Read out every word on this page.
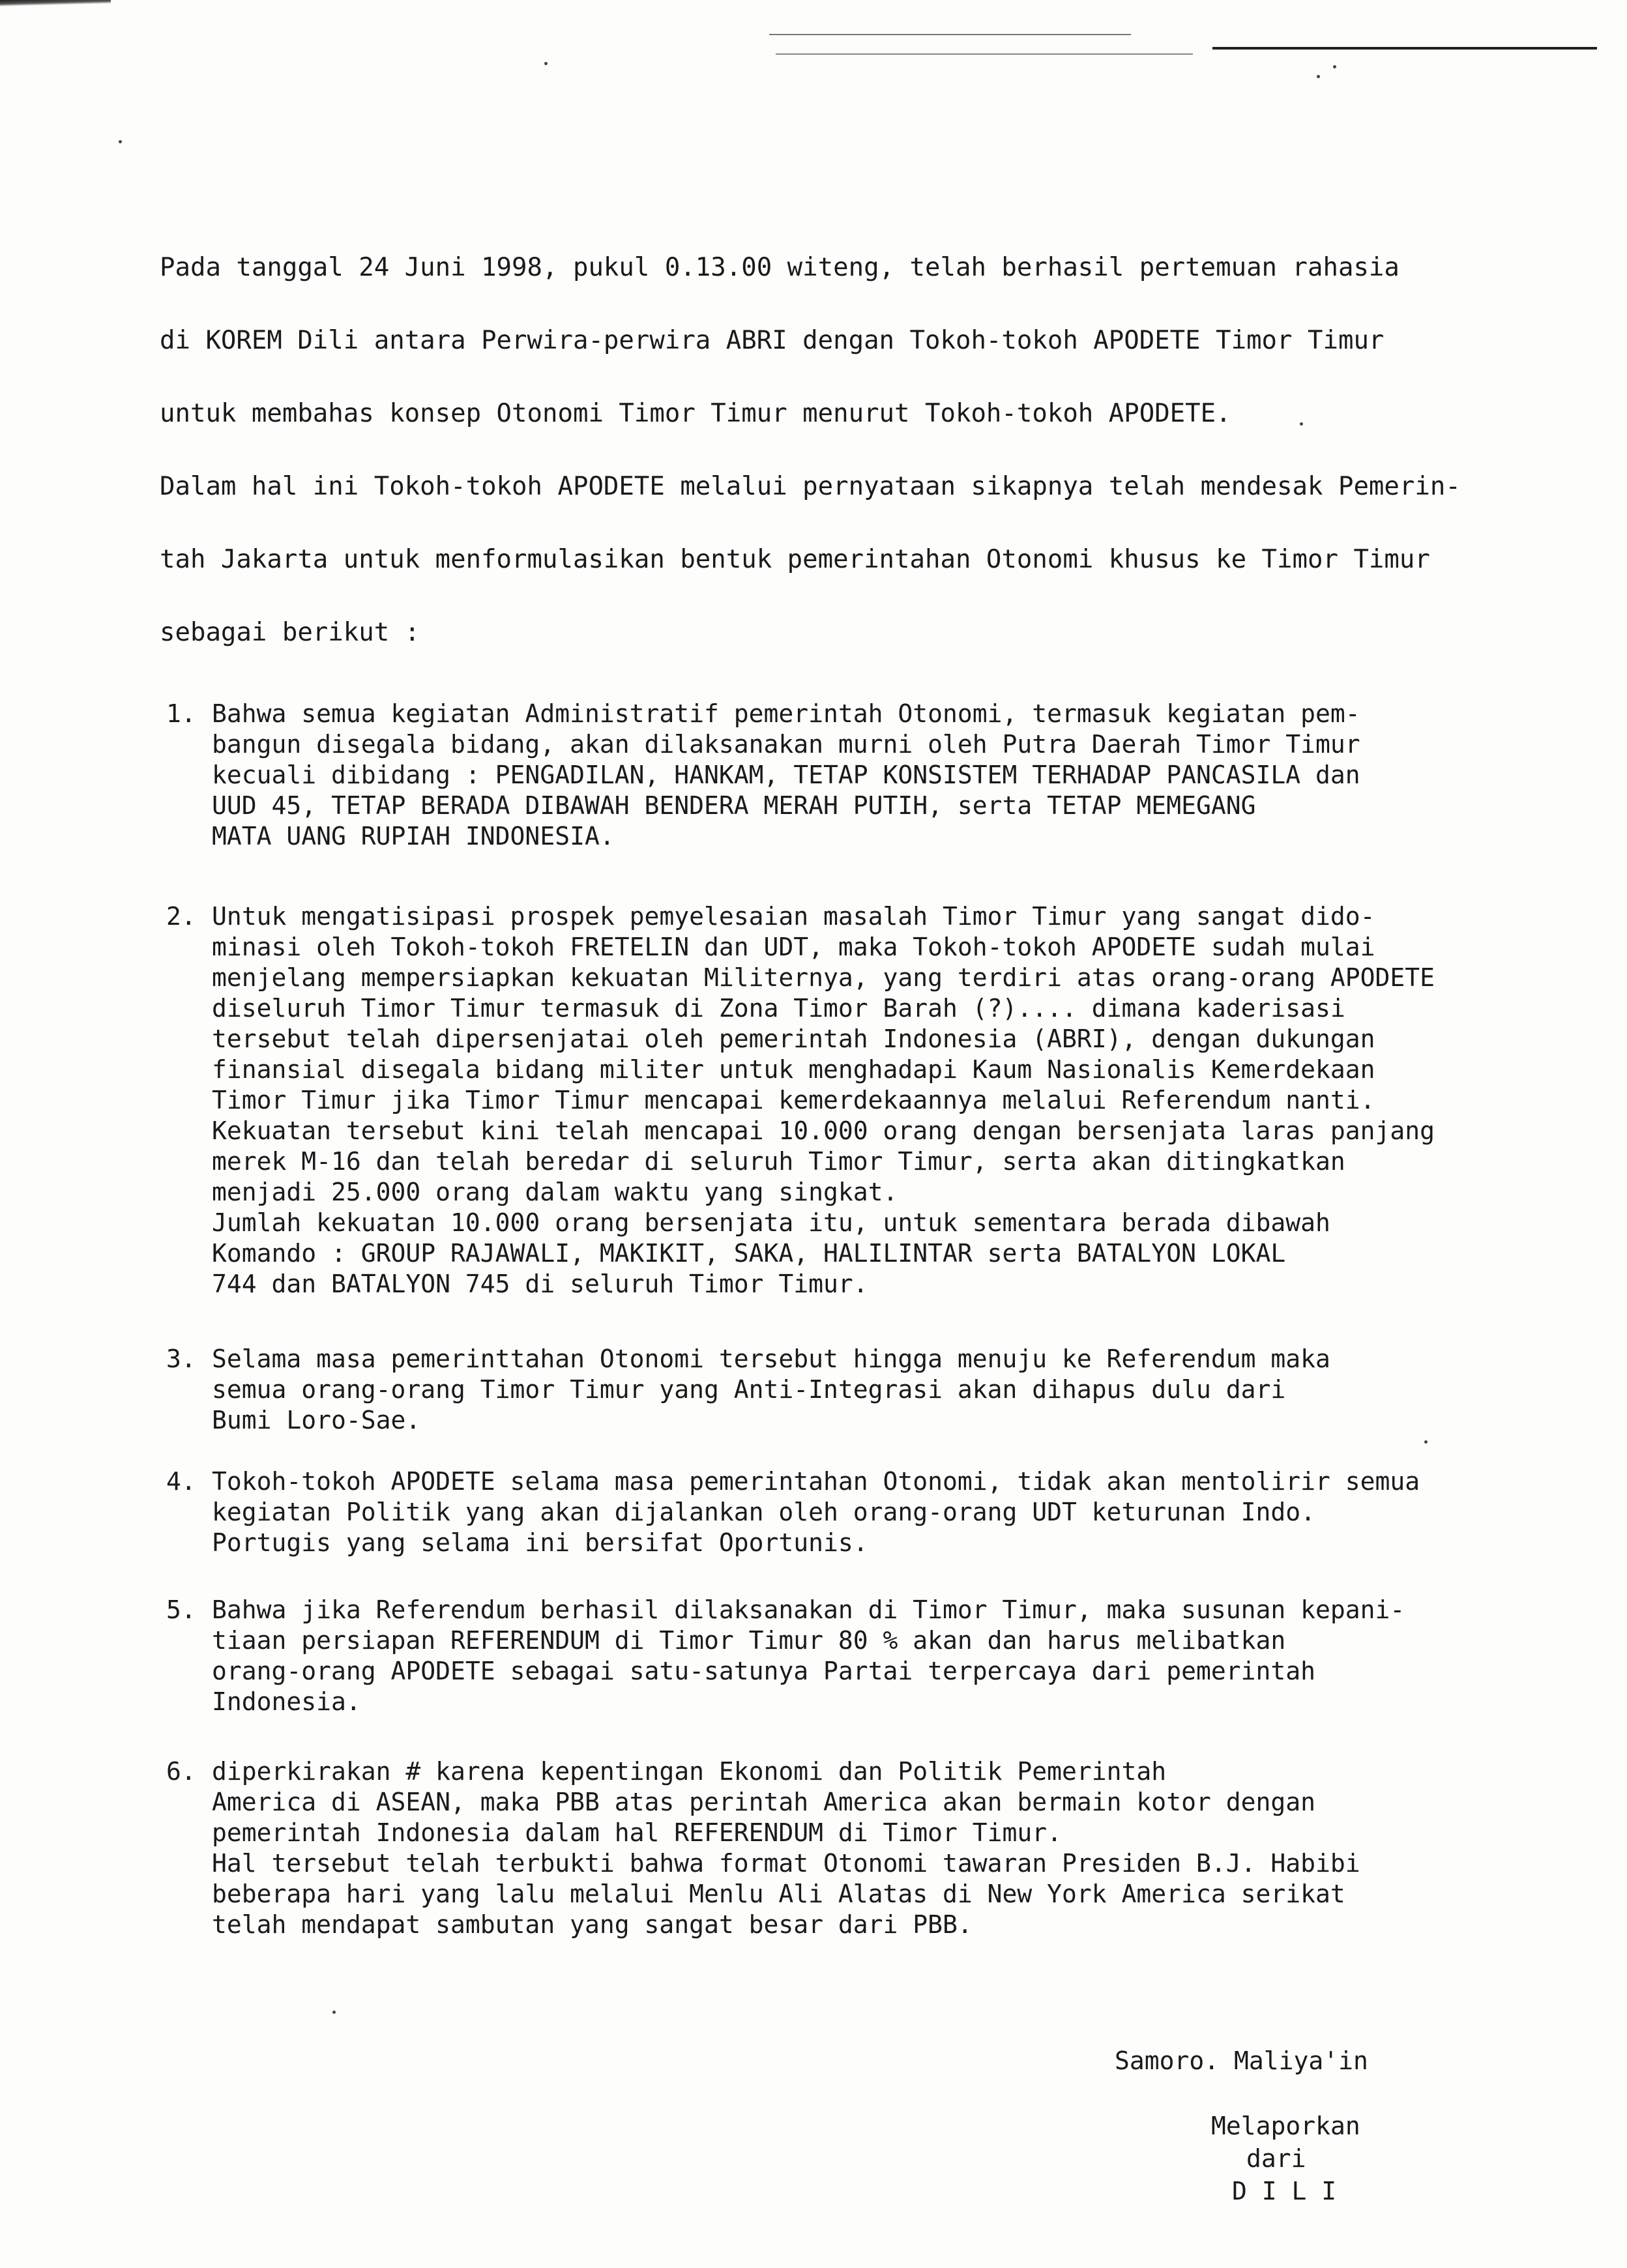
Pada tanggal 24 Juni 1998, pukul 0.13.00 witeng, telah berhasil pertemuan rahasia
di KOREM Dili antara Perwira-perwira ABRI dengan Tokoh-tokoh APODETE Timor Timur
untuk membahas konsep Otonomi Timor Timur menurut Tokoh-tokoh APODETE.
Dalam hal ini Tokoh-tokoh APODETE melalui pernyataan sikapnya telah mendesak Pemerin-
tah Jakarta untuk menformulasikan bentuk pemerintahan Otonomi khusus ke Timor Timur
sebagai berikut :
1. Bahwa semua kegiatan Administratif pemerintah Otonomi, termasuk kegiatan pem-
bangun disegala bidang, akan dilaksanakan murni oleh Putra Daerah Timor Timur
kecuali dibidang : PENGADILAN, HANKAM, TETAP KONSISTEM TERHADAP PANCASILA dan
UUD 45, TETAP BERADA DIBAWAH BENDERA MERAH PUTIH, serta TETAP MEMEGANG
MATA UANG RUPIAH INDONESIA.
2. Untuk mengatisipasi prospek pemyelesaian masalah Timor Timur yang sangat dido-
minasi oleh Tokoh-tokoh FRETELIN dan UDT, maka Tokoh-tokoh APODETE sudah mulai
menjelang mempersiapkan kekuatan Militernya, yang terdiri atas orang-orang APODETE
diseluruh Timor Timur termasuk di Zona Timor Barah (?).... dimana kaderisasi
tersebut telah dipersenjatai oleh pemerintah Indonesia (ABRI), dengan dukungan
finansial disegala bidang militer untuk menghadapi Kaum Nasionalis Kemerdekaan
Timor Timur jika Timor Timur mencapai kemerdekaannya melalui Referendum nanti.
Kekuatan tersebut kini telah mencapai 10.000 orang dengan bersenjata laras panjang
merek M-16 dan telah beredar di seluruh Timor Timur, serta akan ditingkatkan
menjadi 25.000 orang dalam waktu yang singkat.
Jumlah kekuatan 10.000 orang bersenjata itu, untuk sementara berada dibawah
Komando : GROUP RAJAWALI, MAKIKIT, SAKA, HALILINTAR serta BATALYON LOKAL
744 dan BATALYON 745 di seluruh Timor Timur.
3. Selama masa pemerinttahan Otonomi tersebut hingga menuju ke Referendum maka
semua orang-orang Timor Timur yang Anti-Integrasi akan dihapus dulu dari
Bumi Loro-Sae.
4. Tokoh-tokoh APODETE selama masa pemerintahan Otonomi, tidak akan mentolirir semua
kegiatan Politik yang akan dijalankan oleh orang-orang UDT keturunan Indo.
Portugis yang selama ini bersifat Oportunis.
5. Bahwa jika Referendum berhasil dilaksanakan di Timor Timur, maka susunan kepani-
tiaan persiapan REFERENDUM di Timor Timur 80 % akan dan harus melibatkan
orang-orang APODETE sebagai satu-satunya Partai terpercaya dari pemerintah
Indonesia.
6. diperkirakan # karena kepentingan Ekonomi dan Politik Pemerintah
America di ASEAN, maka PBB atas perintah America akan bermain kotor dengan
pemerintah Indonesia dalam hal REFERENDUM di Timor Timur.
Hal tersebut telah terbukti bahwa format Otonomi tawaran Presiden B.J. Habibi
beberapa hari yang lalu melalui Menlu Ali Alatas di New York America serikat
telah mendapat sambutan yang sangat besar dari PBB.
Samoro. Maliya'in
Melaporkan
dari
D I L I
